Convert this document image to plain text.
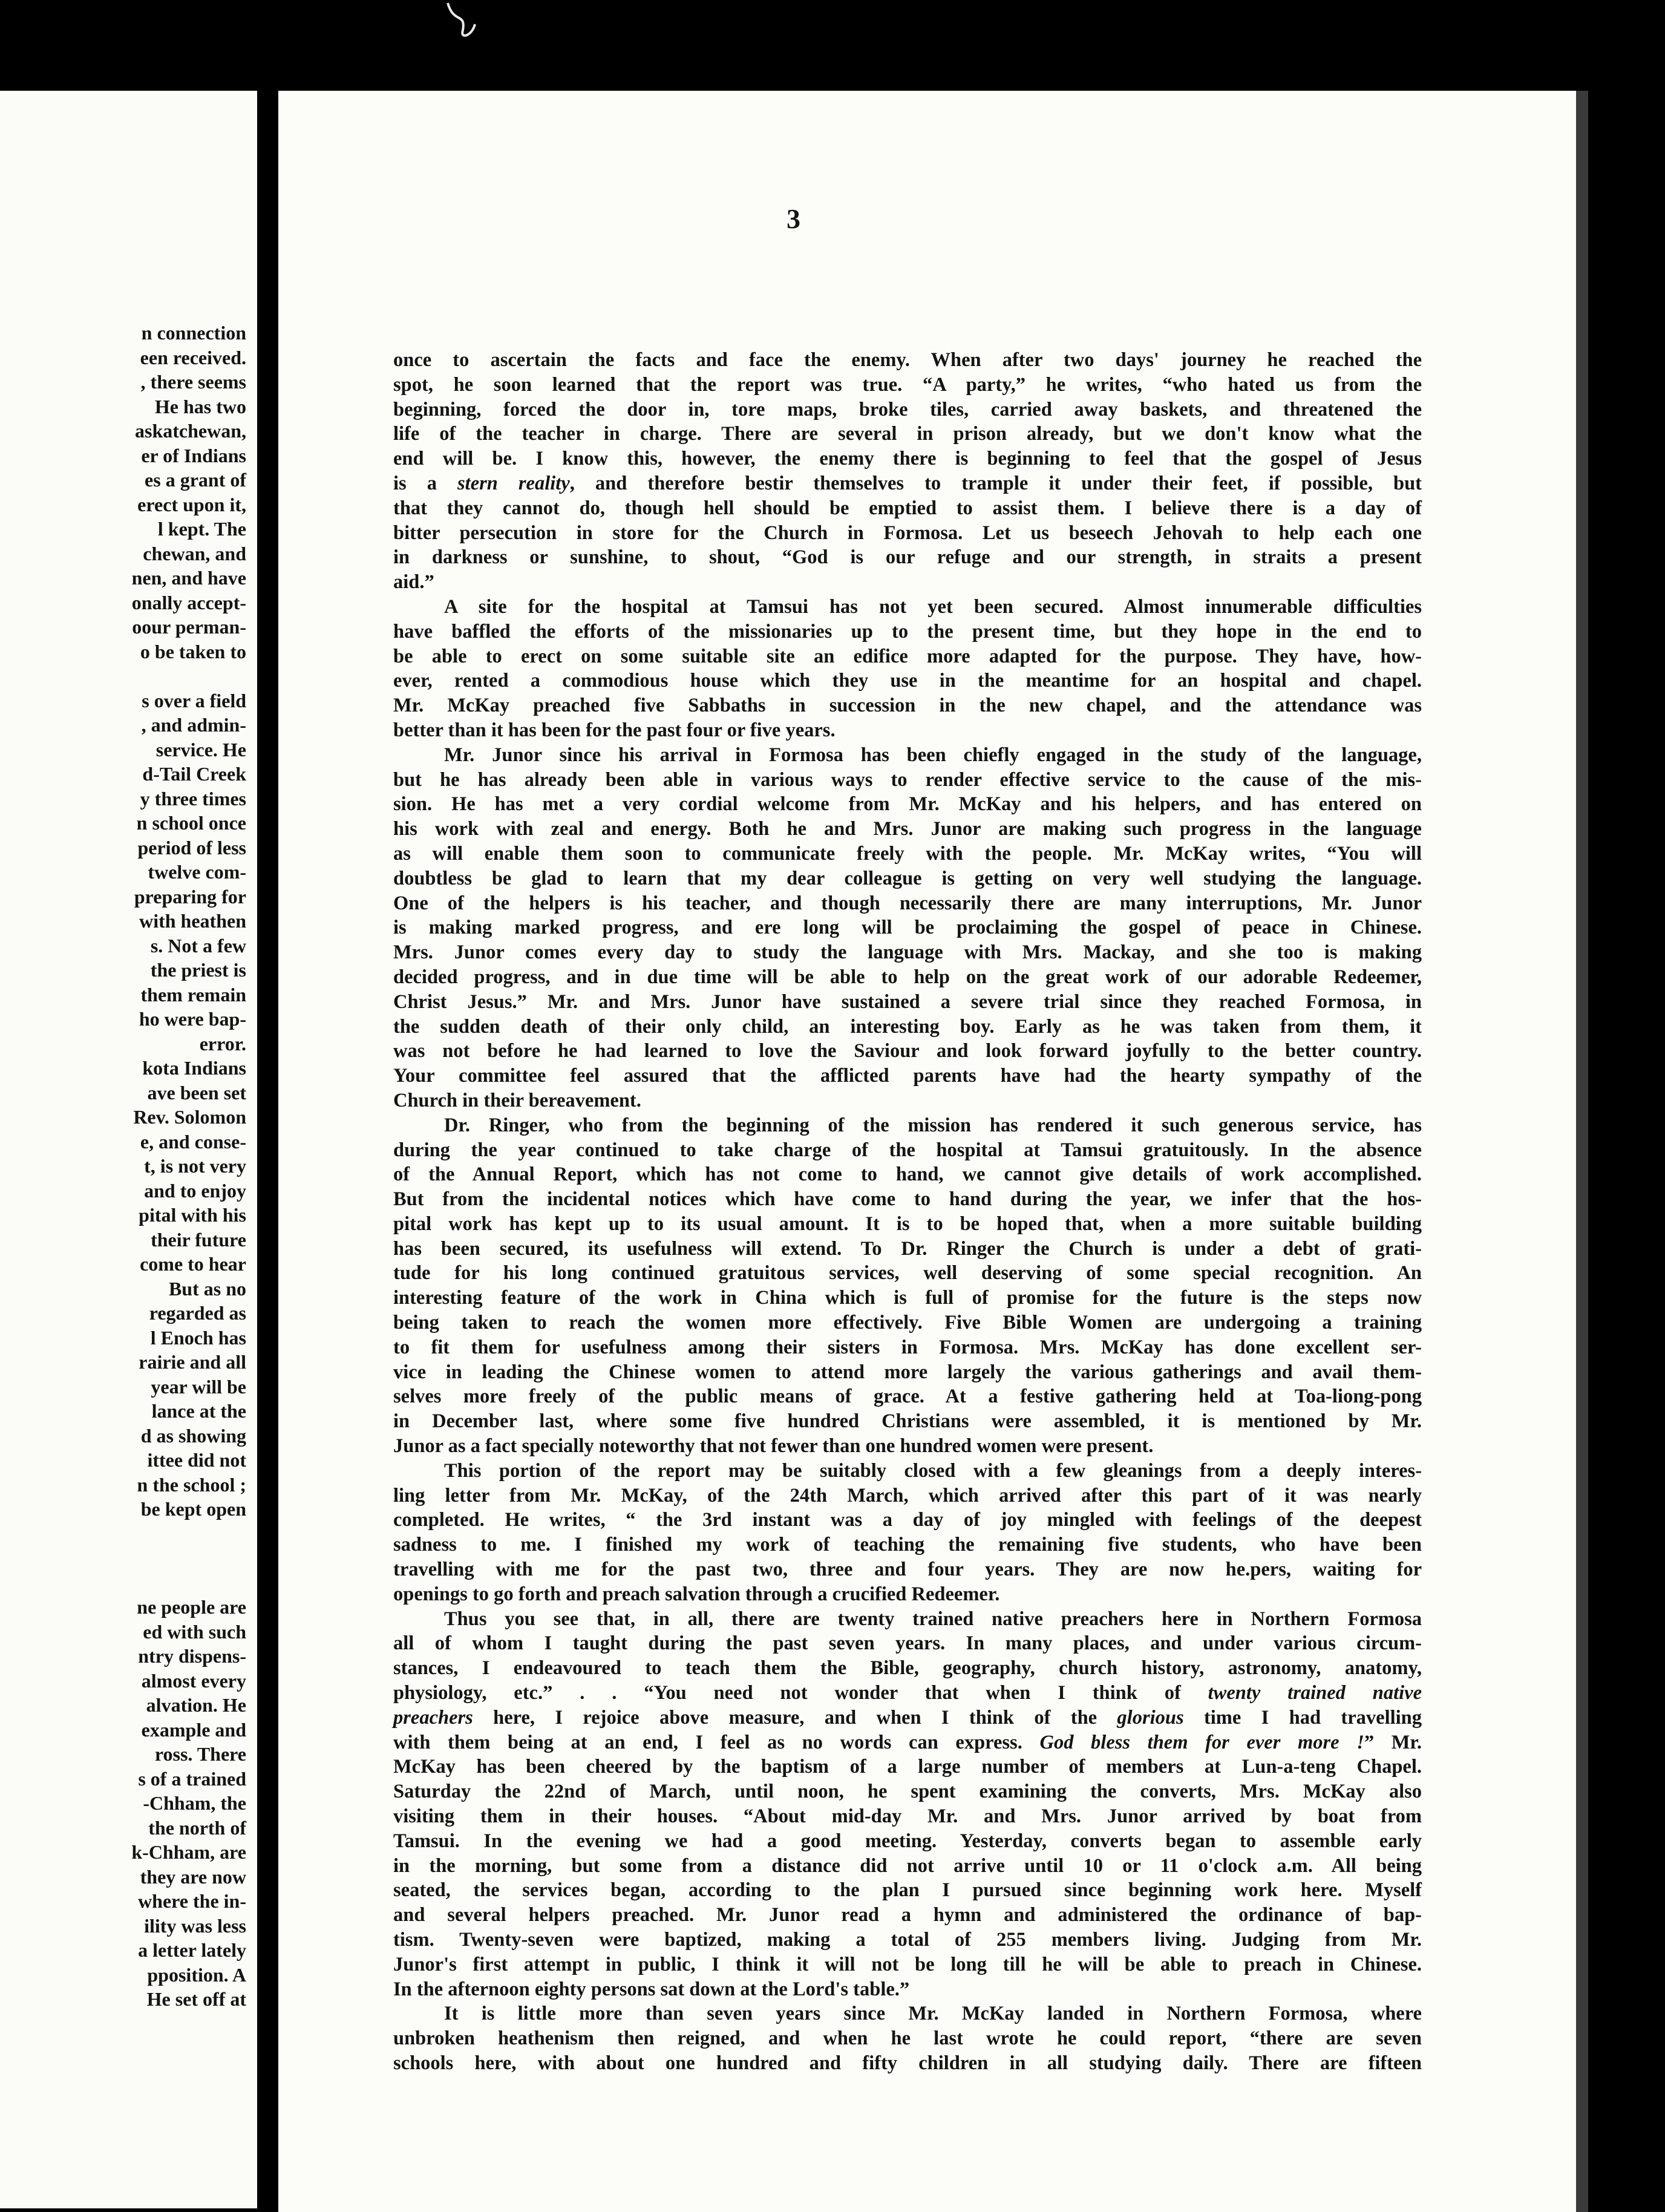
n connection
een received.
, there seems
He has two
askatchewan,
er of Indians
es a grant of
erect upon it,
l kept. The
chewan, and
nen, and have
onally accept-
oour perman-
o be taken to
s over a field
, and admin-
service. He
d-Tail Creek
y three times
n school once
period of less
twelve com-
preparing for
with heathen
s. Not a few
the priest is
them remain
ho were bap-
error.
kota Indians
ave been set
Rev. Solomon
e, and conse-
t, is not very
and to enjoy
pital with his
their future
come to hear
But as no
regarded as
l Enoch has
rairie and all
year will be
lance at the
d as showing
ittee did not
n the school ;
be kept open
ne people are
ed with such
ntry dispens-
almost every
alvation. He
example and
ross. There
s of a trained
-Chham, the
the north of
k-Chham, are
they are now
where the in-
ility was less
a letter lately
pposition. A
He set off at
3
once to ascertain the facts and face the enemy. When after two days' journey he reached the
spot, he soon learned that the report was true. “A party,” he writes, “who hated us from the
beginning, forced the door in, tore maps, broke tiles, carried away baskets, and threatened the
life of the teacher in charge. There are several in prison already, but we don't know what the
end will be. I know this, however, the enemy there is beginning to feel that the gospel of Jesus
is a stern reality, and therefore bestir themselves to trample it under their feet, if possible, but
that they cannot do, though hell should be emptied to assist them. I believe there is a day of
bitter persecution in store for the Church in Formosa. Let us beseech Jehovah to help each one
in darkness or sunshine, to shout, “God is our refuge and our strength, in straits a present
aid.”
A site for the hospital at Tamsui has not yet been secured. Almost innumerable difficulties
have baffled the efforts of the missionaries up to the present time, but they hope in the end to
be able to erect on some suitable site an edifice more adapted for the purpose. They have, how-
ever, rented a commodious house which they use in the meantime for an hospital and chapel.
Mr. McKay preached five Sabbaths in succession in the new chapel, and the attendance was
better than it has been for the past four or five years.
Mr. Junor since his arrival in Formosa has been chiefly engaged in the study of the language,
but he has already been able in various ways to render effective service to the cause of the mis-
sion. He has met a very cordial welcome from Mr. McKay and his helpers, and has entered on
his work with zeal and energy. Both he and Mrs. Junor are making such progress in the language
as will enable them soon to communicate freely with the people. Mr. McKay writes, “You will
doubtless be glad to learn that my dear colleague is getting on very well studying the language.
One of the helpers is his teacher, and though necessarily there are many interruptions, Mr. Junor
is making marked progress, and ere long will be proclaiming the gospel of peace in Chinese.
Mrs. Junor comes every day to study the language with Mrs. Mackay, and she too is making
decided progress, and in due time will be able to help on the great work of our adorable Redeemer,
Christ Jesus.” Mr. and Mrs. Junor have sustained a severe trial since they reached Formosa, in
the sudden death of their only child, an interesting boy. Early as he was taken from them, it
was not before he had learned to love the Saviour and look forward joyfully to the better country.
Your committee feel assured that the afflicted parents have had the hearty sympathy of the
Church in their bereavement.
Dr. Ringer, who from the beginning of the mission has rendered it such generous service, has
during the year continued to take charge of the hospital at Tamsui gratuitously. In the absence
of the Annual Report, which has not come to hand, we cannot give details of work accomplished.
But from the incidental notices which have come to hand during the year, we infer that the hos-
pital work has kept up to its usual amount. It is to be hoped that, when a more suitable building
has been secured, its usefulness will extend. To Dr. Ringer the Church is under a debt of grati-
tude for his long continued gratuitous services, well deserving of some special recognition. An
interesting feature of the work in China which is full of promise for the future is the steps now
being taken to reach the women more effectively. Five Bible Women are undergoing a training
to fit them for usefulness among their sisters in Formosa. Mrs. McKay has done excellent ser-
vice in leading the Chinese women to attend more largely the various gatherings and avail them-
selves more freely of the public means of grace. At a festive gathering held at Toa-liong-pong
in December last, where some five hundred Christians were assembled, it is mentioned by Mr.
Junor as a fact specially noteworthy that not fewer than one hundred women were present.
This portion of the report may be suitably closed with a few gleanings from a deeply interes-
ling letter from Mr. McKay, of the 24th March, which arrived after this part of it was nearly
completed. He writes, “ the 3rd instant was a day of joy mingled with feelings of the deepest
sadness to me. I finished my work of teaching the remaining five students, who have been
travelling with me for the past two, three and four years. They are now he.pers, waiting for
openings to go forth and preach salvation through a crucified Redeemer.
Thus you see that, in all, there are twenty trained native preachers here in Northern Formosa
all of whom I taught during the past seven years. In many places, and under various circum-
stances, I endeavoured to teach them the Bible, geography, church history, astronomy, anatomy,
physiology, etc.” . . “You need not wonder that when I think of twenty trained native
preachers here, I rejoice above measure, and when I think of the glorious time I had travelling
with them being at an end, I feel as no words can express. God bless them for ever more !” Mr.
McKay has been cheered by the baptism of a large number of members at Lun-a-teng Chapel.
Saturday the 22nd of March, until noon, he spent examining the converts, Mrs. McKay also
visiting them in their houses. “About mid-day Mr. and Mrs. Junor arrived by boat from
Tamsui. In the evening we had a good meeting. Yesterday, converts began to assemble early
in the morning, but some from a distance did not arrive until 10 or 11 o'clock a.m. All being
seated, the services began, according to the plan I pursued since beginning work here. Myself
and several helpers preached. Mr. Junor read a hymn and administered the ordinance of bap-
tism. Twenty-seven were baptized, making a total of 255 members living. Judging from Mr.
Junor's first attempt in public, I think it will not be long till he will be able to preach in Chinese.
In the afternoon eighty persons sat down at the Lord's table.”
It is little more than seven years since Mr. McKay landed in Northern Formosa, where
unbroken heathenism then reigned, and when he last wrote he could report, “there are seven
schools here, with about one hundred and fifty children in all studying daily. There are fifteen
